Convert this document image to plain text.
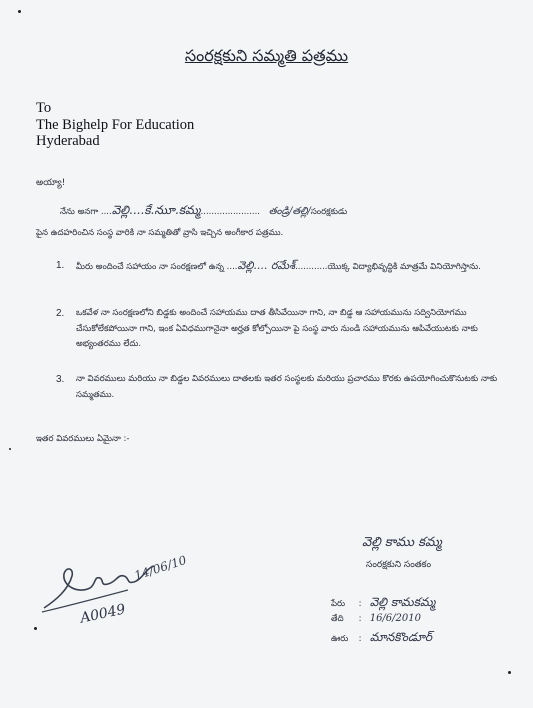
సంరక్షకుని సమ్మతి పత్రము
To
The Bighelp For Education
Hyderabad
అయ్యా!
నేను అనగా ....వెల్లి....కే.నుూ.కమ్మ...................... తండ్రి/తల్లి/సంరక్షకుడు
పైన ఉదహరించిన సంస్థ వారికి నా సమ్మతితో వ్రాసి ఇచ్చిన అంగీకార పత్రము.
1. మీరు అందించే సహాయం నా సంరక్షణలో ఉన్న ....వెల్లి.... రమేశ్............యొక్క విద్యాభివృద్ధికి మాత్రమే వినియోగిస్తాను.
2. ఒకవేళ నా సంరక్షణలోని బిడ్డకు అందించే సహాయము దాత తీసివేయినా గాని, నా బిడ్డ ఆ సహాయమును సద్వినియోగము చేసుకోలేకపోయినా గాని, ఇంక ఏవిధముగానైనా అర్హత కోల్పోయినా పై సంస్థ వారు నుండి సహాయమును ఆపివేయుటకు నాకు అభ్యంతరము లేదు.
3. నా వివరములు మరియు నా బిడ్డల వివరములు దాతలకు ఇతర సంస్థలకు మరియు ప్రచారము కొరకు ఉపయోగించుకొనుటకు నాకు సమ్మతము.
ఇతర వివరములు ఏమైనా :-
14/06/10
A0049
వెల్లి కాము కమ్మ
సంరక్షకుని సంతకం
పేరు : వెల్లి కామకమ్మ
తేది : 16/6/2010
ఊరు : మానకొండూర్
